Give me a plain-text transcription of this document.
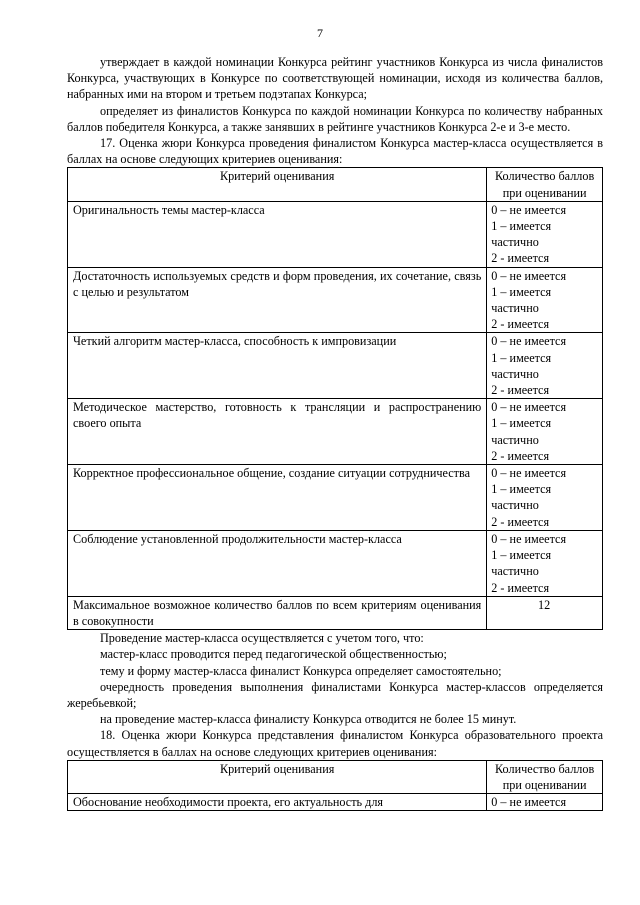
7

утверждает в каждой номинации Конкурса рейтинг участников Конкурса из числа финалистов Конкурса, участвующих в Конкурсе по соответствующей номинации, исходя из количества баллов, набранных ими на втором и третьем подэтапах Конкурса;

определяет из финалистов Конкурса по каждой номинации Конкурса по количеству набранных баллов победителя Конкурса, а также занявших в рейтинге участников Конкурса 2-е и 3-е место.

17. Оценка жюри Конкурса проведения финалистом Конкурса мастер-класса осуществляется в баллах на основе следующих критериев оценивания:

Критерий оценивания	Количество баллов при оценивании
Оригинальность темы мастер-класса	0 – не имеется
1 – имеется частично
2 - имеется

Достаточность используемых средств и форм проведения, их сочетание, связь с целью и результатом	0 – не имеется
1 – имеется частично
2 - имеется

Четкий алгоритм мастер-класса, способность к импровизации	0 – не имеется
1 – имеется частично
2 - имеется

Методическое мастерство, готовность к трансляции и распространению своего опыта	0 – не имеется
1 – имеется частично
2 - имеется

Корректное профессиональное общение, создание ситуации сотрудничества	0 – не имеется
1 – имеется частично
2 - имеется

Соблюдение установленной продолжительности мастер-класса	0 – не имеется
1 – имеется частично
2 - имеется

Максимальное возможное количество баллов по всем критериям оценивания в совокупности	12

Проведение мастер-класса осуществляется с учетом того, что:

мастер-класс проводится перед педагогической общественностью;

тему и форму мастер-класса финалист Конкурса определяет самостоятельно;

очередность проведения выполнения финалистами Конкурса мастер-классов определяется жеребьевкой;

на проведение мастер-класса финалисту Конкурса отводится не более 15 минут.

18. Оценка жюри Конкурса представления финалистом Конкурса образовательного проекта осуществляется в баллах на основе следующих критериев оценивания:

Критерий оценивания	Количество баллов при оценивании
Обоснование необходимости проекта, его актуальность для	0 – не имеется
